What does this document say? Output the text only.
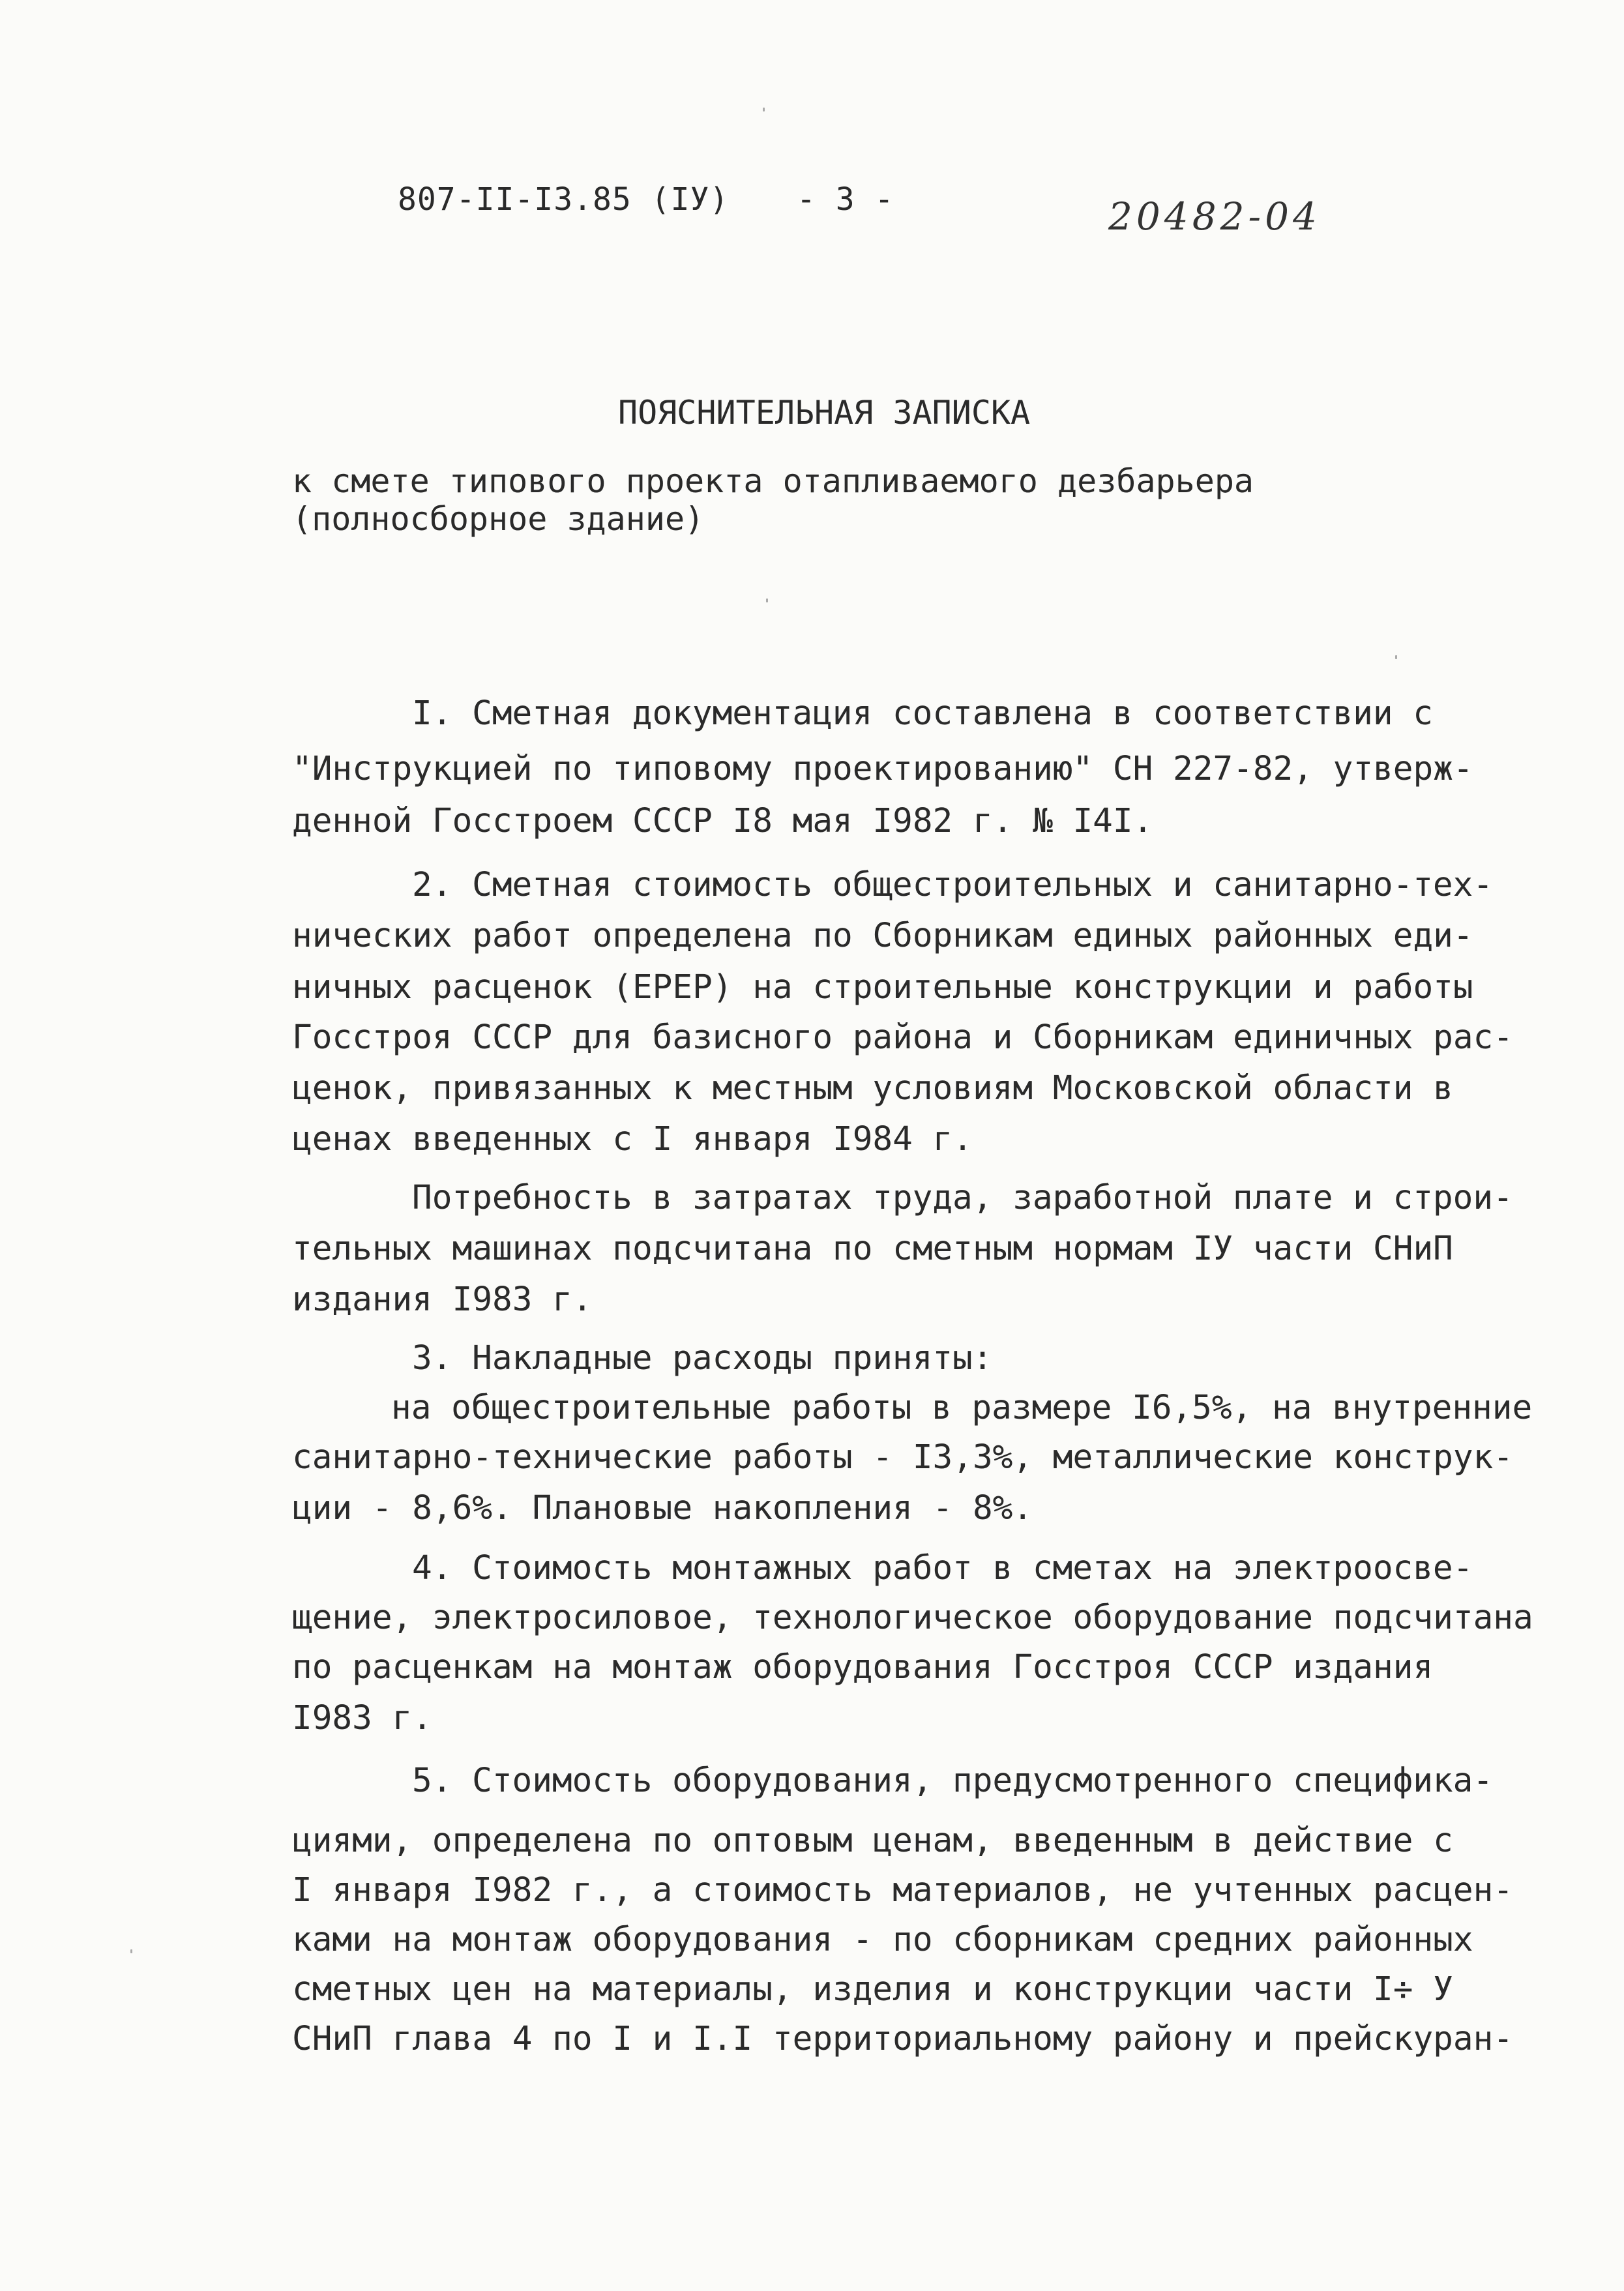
807-II-I3.85 (IУ) - 3 -	20482-04
ПОЯСНИТЕЛЬНАЯ ЗАПИСКА
к смете типового проекта отапливаемого дезбарьера
(полносборное здание)
I. Сметная документация составлена в соответствии с
"Инструкцией по типовому проектированию" СН 227-82, утверж-
денной Госстроем СССР I8 мая I982 г. № I4I.
2. Сметная стоимость общестроительных и санитарно-тех-
нических работ определена по Сборникам единых районных еди-
ничных расценок (ЕРЕР) на строительные конструкции и работы
Госстроя СССР для базисного района и Сборникам единичных рас-
ценок, привязанных к местным условиям Московской области в
ценах введенных с I января I984 г.
Потребность в затратах труда, заработной плате и строи-
тельных машинах подсчитана по сметным нормам IУ части СНиП
издания I983 г.
3. Накладные расходы приняты:
на общестроительные работы в размере I6,5%, на внутренние
санитарно-технические работы - I3,3%, металлические конструк-
ции - 8,6%. Плановые накопления - 8%.
4. Стоимость монтажных работ в сметах на электроосве-
щение, электросиловое, технологическое оборудование подсчитана
по расценкам на монтаж оборудования Госстроя СССР издания
I983 г.
5. Стоимость оборудования, предусмотренного специфика-
циями, определена по оптовым ценам, введенным в действие с
I января I982 г., а стоимость материалов, не учтенных расцен-
ками на монтаж оборудования - по сборникам средних районных
сметных цен на материалы, изделия и конструкции части I÷ У
СНиП глава 4 по I и I.I территориальному району и прейскуран-
